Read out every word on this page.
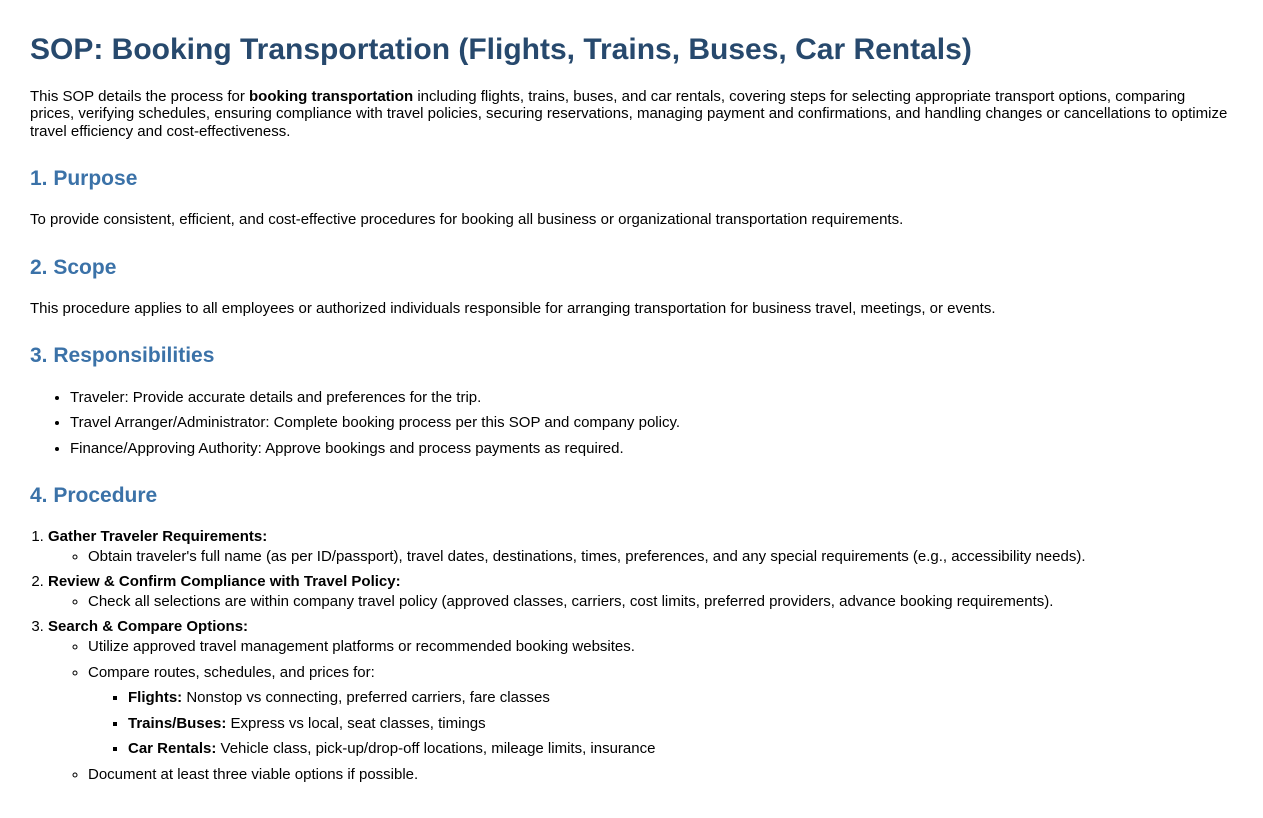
SOP: Booking Transportation (Flights, Trains, Buses, Car Rentals)

This SOP details the process for booking transportation including flights, trains, buses, and car rentals, covering steps for selecting appropriate transport options, comparing prices, verifying schedules, ensuring compliance with travel policies, securing reservations, managing payment and confirmations, and handling changes or cancellations to optimize travel efficiency and cost-effectiveness.

1. Purpose

To provide consistent, efficient, and cost-effective procedures for booking all business or organizational transportation requirements.

2. Scope

This procedure applies to all employees or authorized individuals responsible for arranging transportation for business travel, meetings, or events.

3. Responsibilities
• Traveler: Provide accurate details and preferences for the trip.
• Travel Arranger/Administrator: Complete booking process per this SOP and company policy.
• Finance/Approving Authority: Approve bookings and process payments as required.
4. Procedure
1. Gather Traveler Requirements:
◦ Obtain traveler's full name (as per ID/passport), travel dates, destinations, times, preferences, and any special requirements (e.g., accessibility needs).
2. Review & Confirm Compliance with Travel Policy:
◦ Check all selections are within company travel policy (approved classes, carriers, cost limits, preferred providers, advance booking requirements).
3. Search & Compare Options:
◦ Utilize approved travel management platforms or recommended booking websites.
◦ Compare routes, schedules, and prices for:
▪ Flights: Nonstop vs connecting, preferred carriers, fare classes
▪ Trains/Buses: Express vs local, seat classes, timings
▪ Car Rentals: Vehicle class, pick-up/drop-off locations, mileage limits, insurance
◦ Document at least three viable options if possible.
